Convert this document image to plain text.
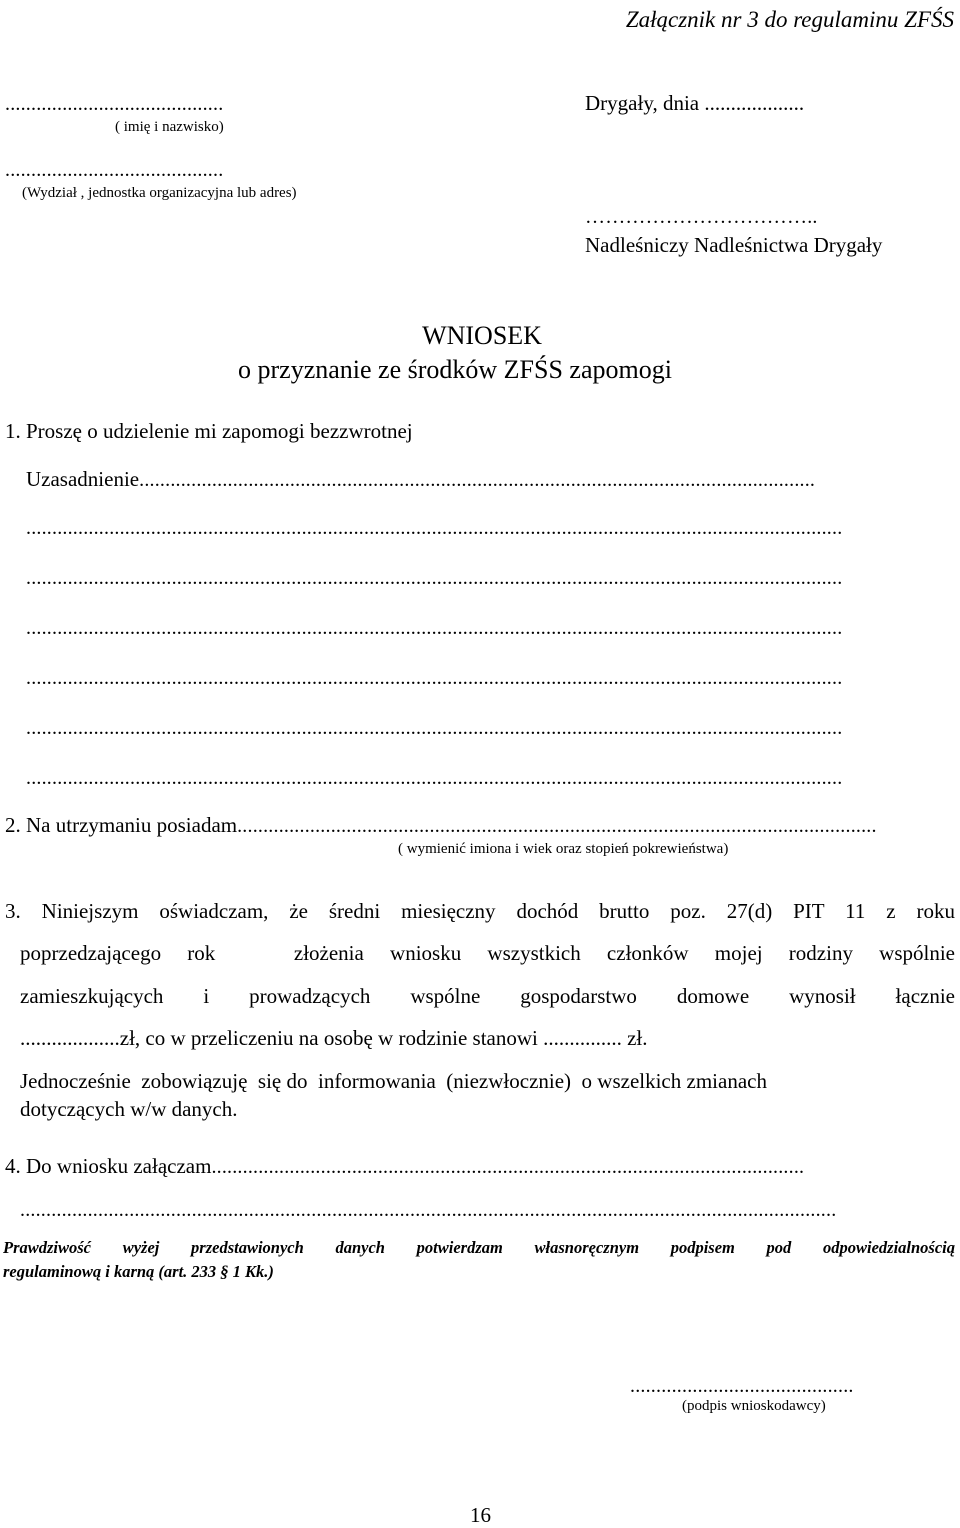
Załącznik nr 3 do regulaminu ZFŚS
..........................................
( imię i nazwisko)
..........................................
(Wydział , jednostka organizacyjna lub adres)
Drygały, dnia ...................
……………………………..
Nadleśniczy Nadleśnictwa Drygały
WNIOSEK
o przyznanie ze środków ZFŚS zapomogi
1. Proszę o udzielenie mi zapomogi bezzwrotnej
Uzasadnienie ..................................................................................................................................
.............................................................................................................................................................
.............................................................................................................................................................
.............................................................................................................................................................
.............................................................................................................................................................
.............................................................................................................................................................
.............................................................................................................................................................
2. Na utrzymaniu posiadam ...........................................................................................................................
( wymienić imiona i wiek oraz stopień pokrewieństwa)
3. Niniejszym oświadczam, że średni miesięczny dochód brutto poz. 27(d) PIT 11 z roku
poprzedzającego rok   złożenia wniosku wszystkich członków mojej rodziny wspólnie
zamieszkujących i prowadzących wspólne gospodarstwo domowe wynosił łącznie
...................zł, co w przeliczeniu na osobę w rodzinie stanowi ............... zł.
Jednocześnie  zobowiązuję  się do  informowania  (niezwłocznie)  o wszelkich zmianach
dotyczących w/w danych.
4. Do wniosku załączam ..................................................................................................................
.............................................................................................................................................................
Prawdziwość wyżej przedstawionych danych potwierdzam własnoręcznym podpisem pod odpowiedzialnością
regulaminową i karną (art. 233 § 1 Kk.)
...........................................
(podpis wnioskodawcy)
16
